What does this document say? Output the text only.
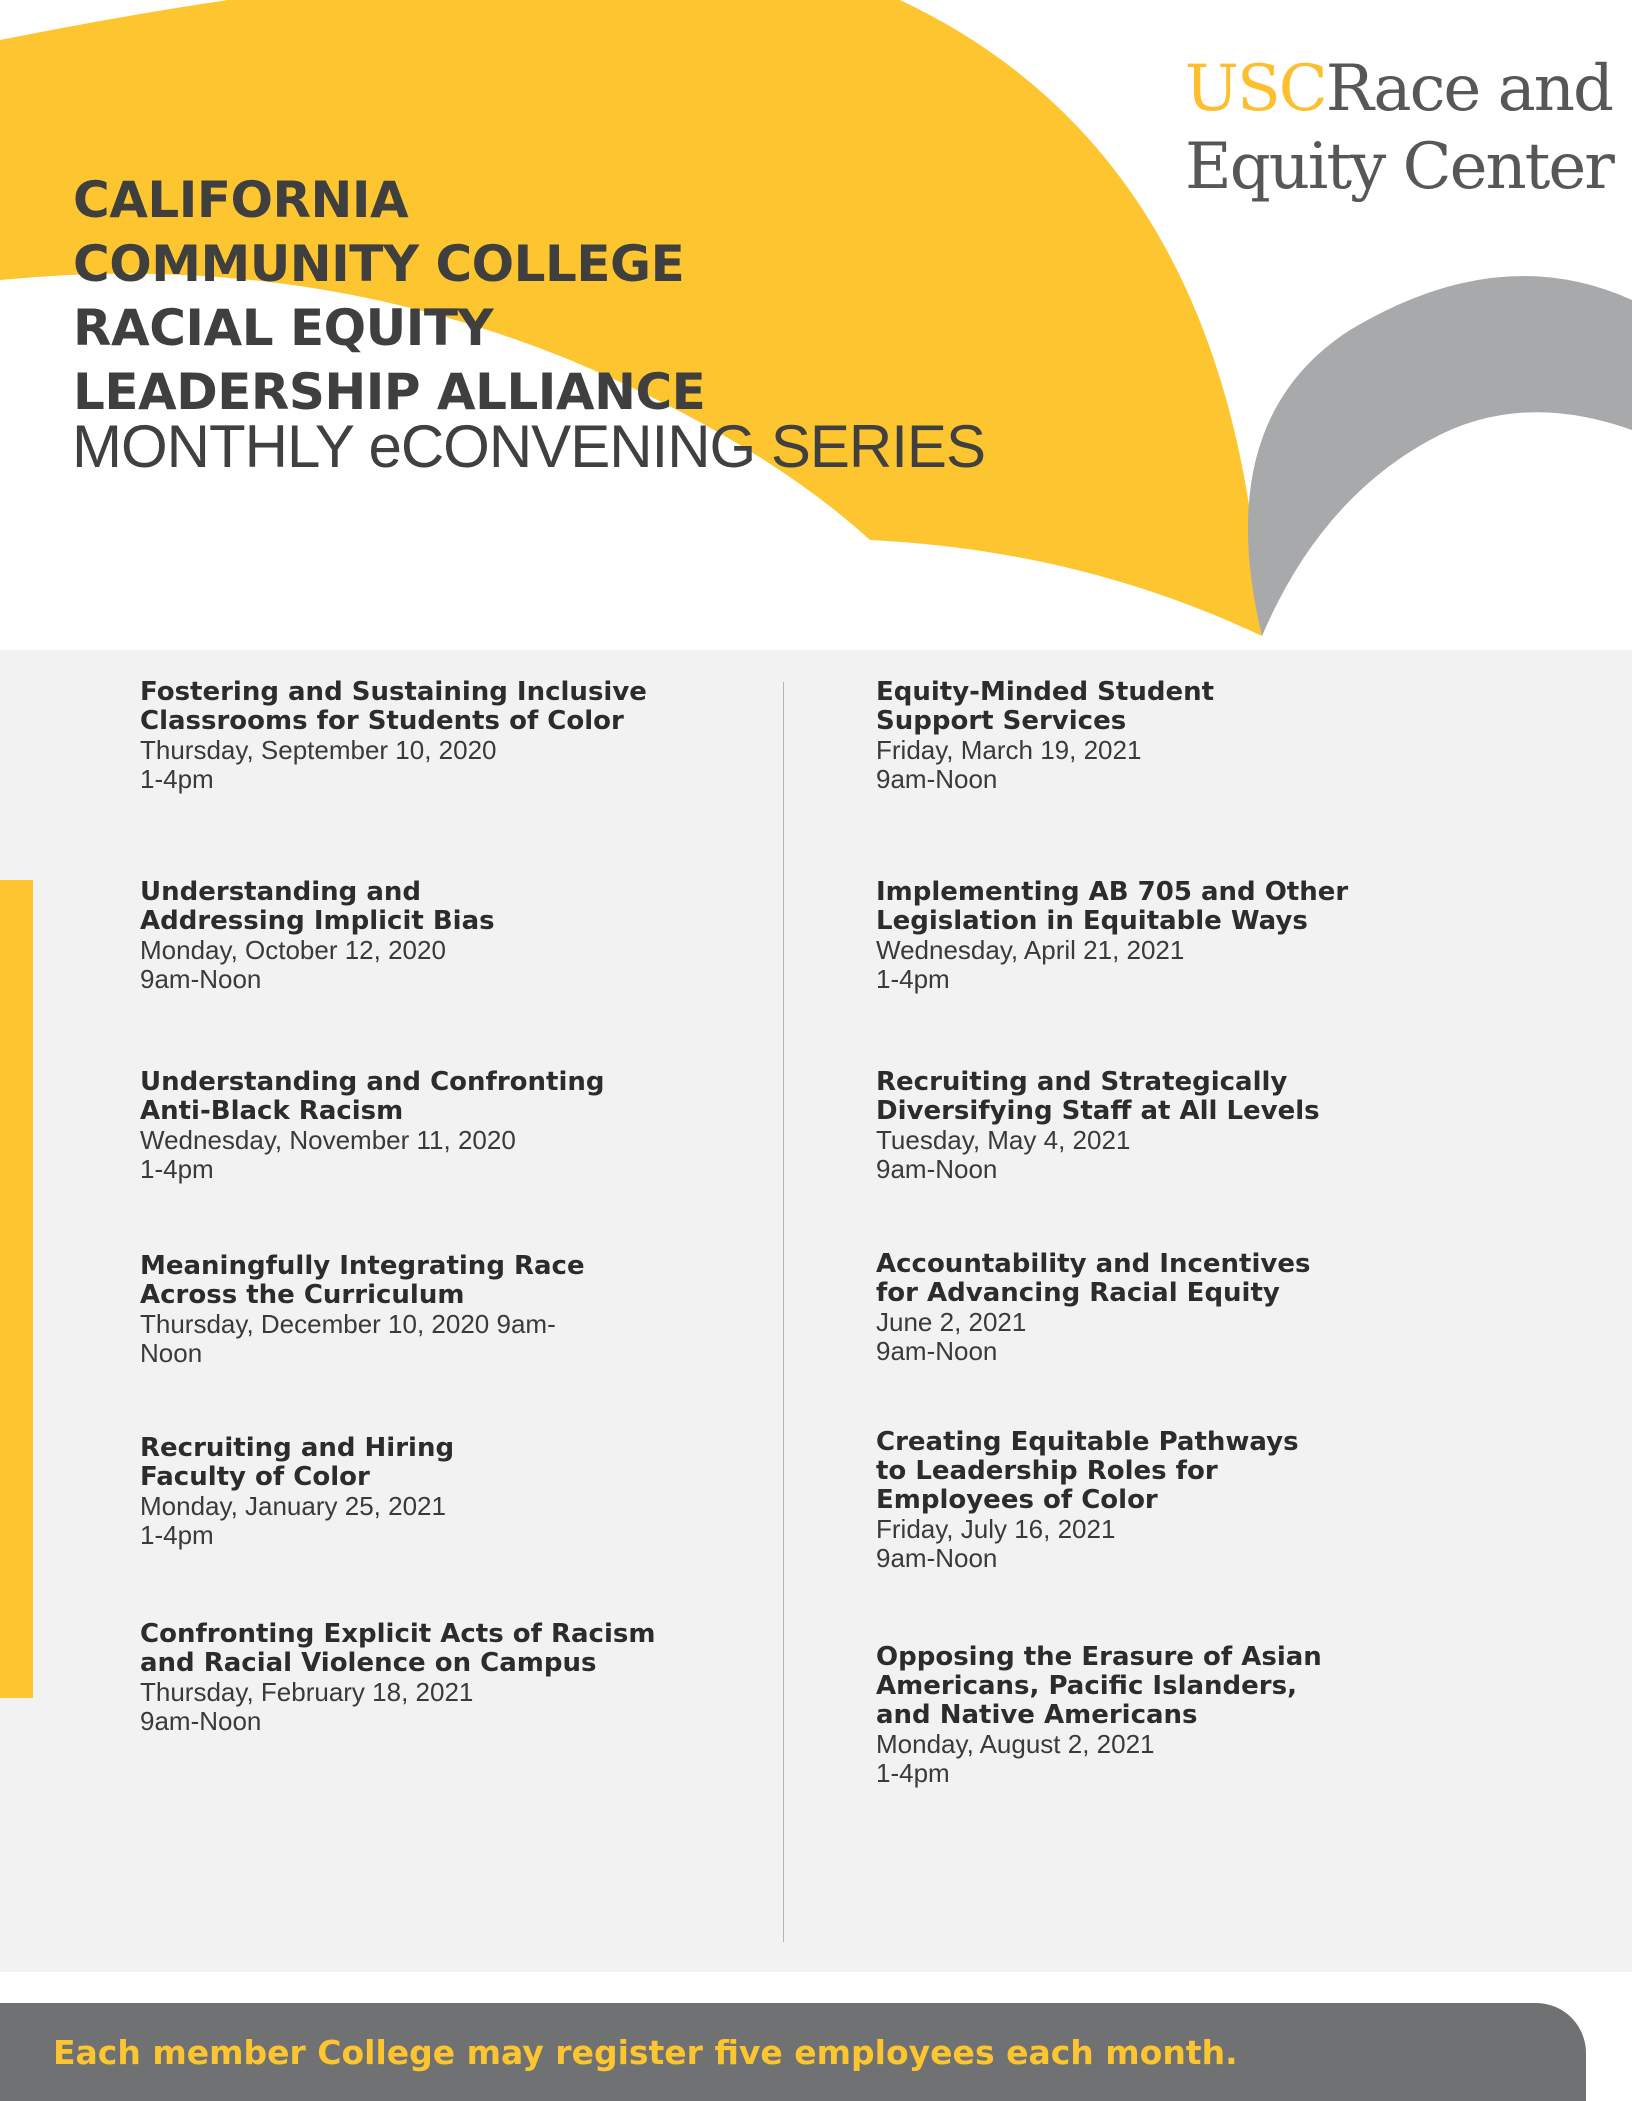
USCRace and
Equity Center
CALIFORNIA
COMMUNITY COLLEGE
RACIAL EQUITY
LEADERSHIP ALLIANCE
MONTHLY eCONVENING SERIES
Fostering and Sustaining Inclusive
Classrooms for Students of Color
Thursday, September 10, 2020
1-4pm
Understanding and
Addressing Implicit Bias
Monday, October 12, 2020
9am-Noon
Understanding and Confronting
Anti-Black Racism
Wednesday, November 11, 2020
1-4pm
Meaningfully Integrating Race
Across the Curriculum
Thursday, December 10, 2020 9am-
Noon
Recruiting and Hiring
Faculty of Color
Monday, January 25, 2021
1-4pm
Confronting Explicit Acts of Racism
and Racial Violence on Campus
Thursday, February 18, 2021
9am-Noon
Equity-Minded Student
Support Services
Friday, March 19, 2021
9am-Noon
Implementing AB 705 and Other
Legislation in Equitable Ways
Wednesday, April 21, 2021
1-4pm
Recruiting and Strategically
Diversifying Staff at All Levels
Tuesday, May 4, 2021
9am-Noon
Accountability and Incentives
for Advancing Racial Equity
June 2, 2021
9am-Noon
Creating Equitable Pathways
to Leadership Roles for
Employees of Color
Friday, July 16, 2021
9am-Noon
Opposing the Erasure of Asian
Americans, Pacific Islanders,
and Native Americans
Monday, August 2, 2021
1-4pm
Each member College may register five employees each month.
